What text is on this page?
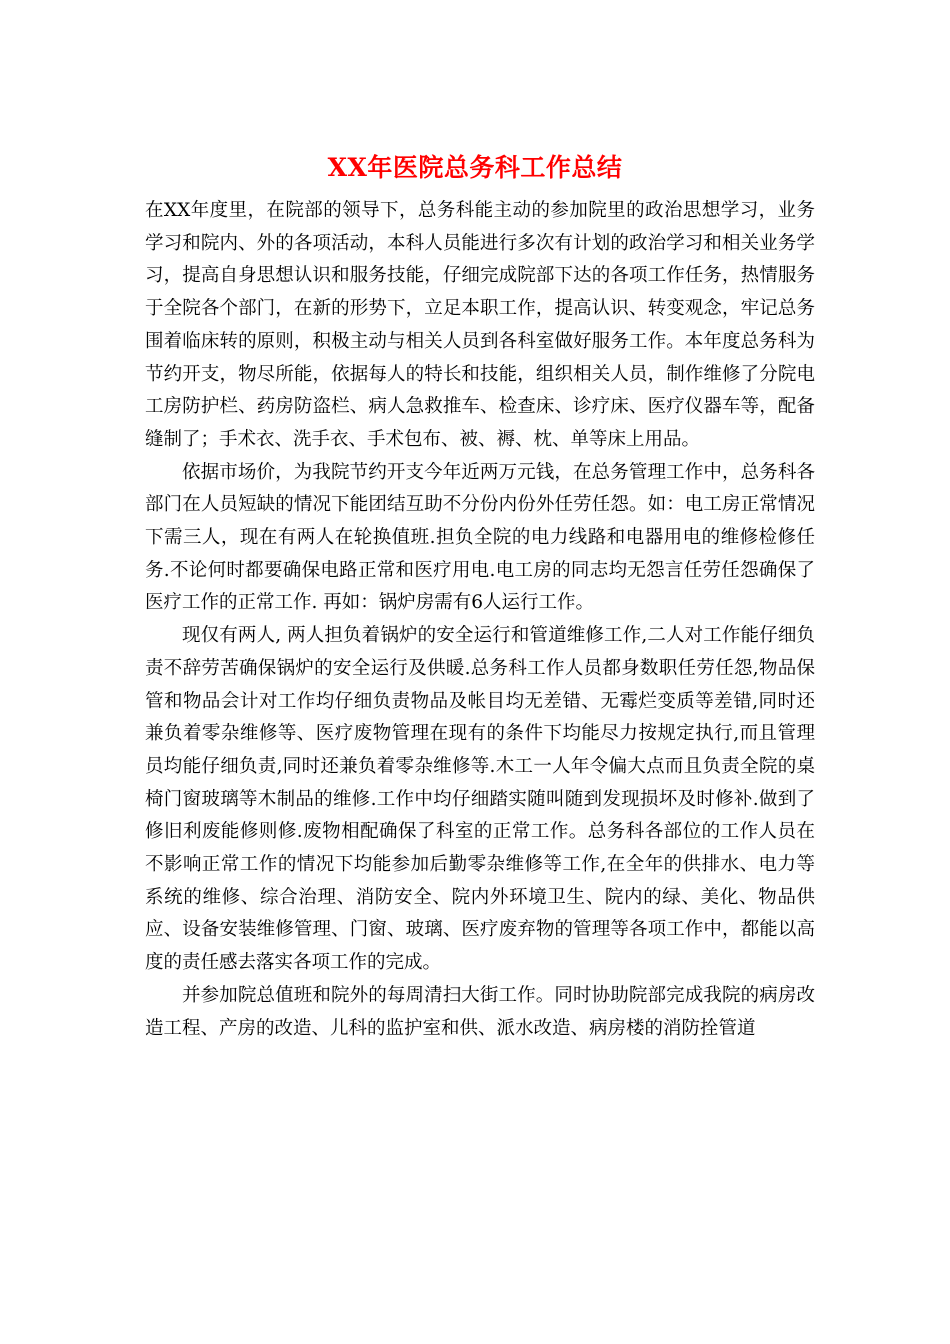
XX年医院总务科工作总结

在XX年度里，在院部的领导下，总务科能主动的参加院里的政治思想学习，业务学习和院内、外的各项活动，本科人员能进行多次有计划的政治学习和相关业务学习，提高自身思想认识和服务技能，仔细完成院部下达的各项工作任务，热情服务于全院各个部门，在新的形势下，立足本职工作，提高认识、转变观念，牢记总务围着临床转的原则，积极主动与相关人员到各科室做好服务工作。本年度总务科为节约开支，物尽所能，依据每人的特长和技能，组织相关人员，制作维修了分院电工房防护栏、药房防盗栏、病人急救推车、检查床、诊疗床、医疗仪器车等，配备缝制了；手术衣、洗手衣、手术包布、被、褥、枕、单等床上用品。

依据市场价，为我院节约开支今年近两万元钱，在总务管理工作中，总务科各部门在人员短缺的情况下能团结互助不分份内份外任劳任怨。如：电工房正常情况下需三人，现在有两人在轮换值班.担负全院的电力线路和电器用电的维修检修任务.不论何时都要确保电路正常和医疗用电.电工房的同志均无怨言任劳任怨确保了医疗工作的正常工作. 再如：锅炉房需有6人运行工作。

现仅有两人, 两人担负着锅炉的安全运行和管道维修工作,二人对工作能仔细负责不辞劳苦确保锅炉的安全运行及供暖.总务科工作人员都身数职任劳任怨,物品保管和物品会计对工作均仔细负责物品及帐目均无差错、无霉烂变质等差错,同时还兼负着零杂维修等、医疗废物管理在现有的条件下均能尽力按规定执行,而且管理员均能仔细负责,同时还兼负着零杂维修等.木工一人年令偏大点而且负责全院的桌椅门窗玻璃等木制品的维修.工作中均仔细踏实随叫随到发现损坏及时修补.做到了修旧利废能修则修.废物相配确保了科室的正常工作。总务科各部位的工作人员在不影响正常工作的情况下均能参加后勤零杂维修等工作,在全年的供排水、电力等系统的维修、综合治理、消防安全、院内外环境卫生、院内的绿、美化、物品供应、设备安装维修管理、门窗、玻璃、医疗废弃物的管理等各项工作中，都能以高度的责任感去落实各项工作的完成。

并参加院总值班和院外的每周清扫大街工作。同时协助院部完成我院的病房改造工程、产房的改造、儿科的监护室和供、派水改造、病房楼的消防拴管道
